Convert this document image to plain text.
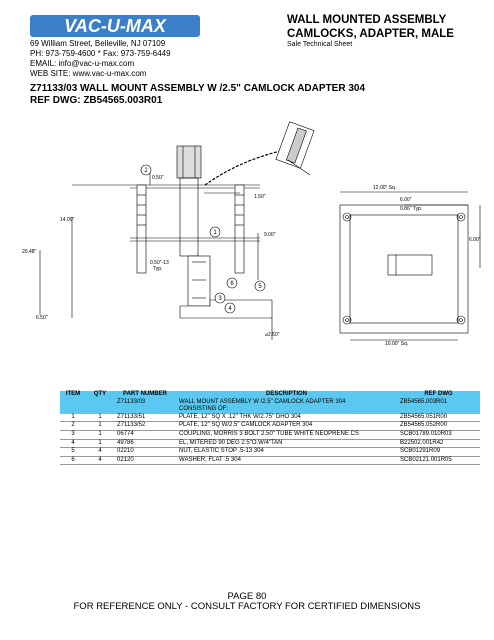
VAC-U-MAX
69 William Street, Belleville, NJ 07109
PH: 973-759-4600 * Fax: 973-759-6449
EMAIL: info@vac-u-max.com
WEB SITE: www.vac-u-max.com
WALL MOUNTED ASSEMBLY
CAMLOCKS, ADAPTER, MALE
Sale Technical Sheet
Z71133/03 WALL MOUNT ASSEMBLY W /2.5" CAMLOCK ADAPTER 304
REF DWG: ZB54565.003R01
1
2
3
4
5
6
0.50"
1.50"
14.00"
20.48"
9.00"
0.50"-13
Typ.
6.50"
⌀2.50"
12.00" Sq.
6.00"
0.86" Typ.
6.00"
10.00" Sq.
ITEM	QTY	PART NUMBER	DESCRIPTION	REF DWG
		Z71133/03	WALL MOUNT ASSEMBLY W /2.5" CAMLOCK ADAPTER 304	ZB54565.003R01
			CONSISTING OF:	
1	1	Z71133/51	PLATE, 12" SQ X .12" THK W/2.75" DHO 304	ZB54565.051R00
2	1	Z71133/52	PLATE, 12" SQ W/2.5" CAMLOCK ADAPTER 304	ZB54565.052R00
3	1	06774	COUPLING, MORRIS 3 BOLT 2.50" TUBE WHITE NEOPRENE CS	SCB01789.010R03
4	1	49786	EL, MITERED 90 DEG 2.5"O.W/4"TAN	B22502.001R42
5	4	02210	NUT, ELASTIC STOP .5-13 304	SCB01291R09
6	4	02120	WASHER, FLAT .5 304	SCB02121.001R05
PAGE 80
FOR REFERENCE ONLY - CONSULT FACTORY FOR CERTIFIED DIMENSIONS
